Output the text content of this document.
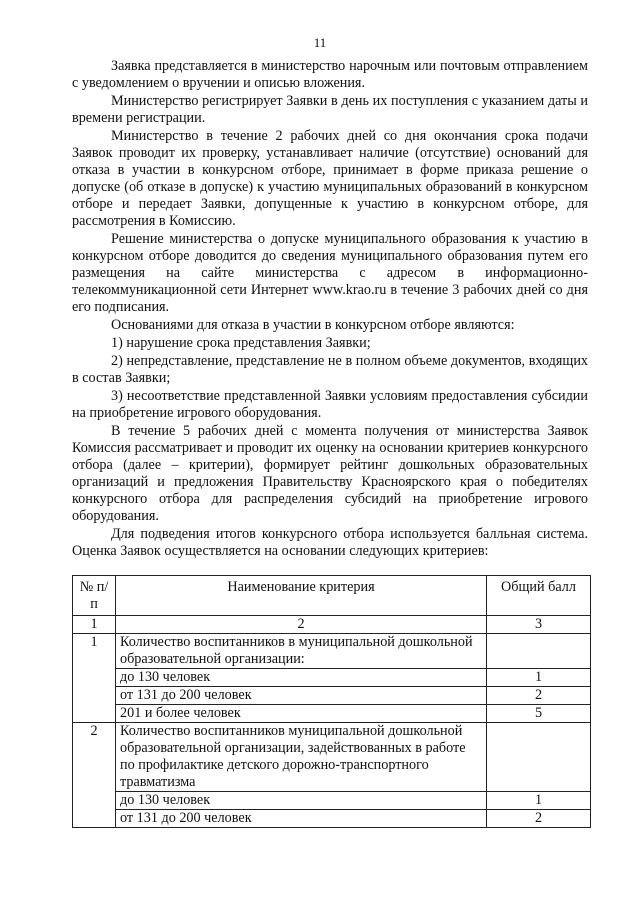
11

Заявка представляется в министерство нарочным или почтовым отправлением с уведомлением о вручении и описью вложения.

Министерство регистрирует Заявки в день их поступления с указанием даты и времени регистрации.

Министерство в течение 2 рабочих дней со дня окончания срока подачи Заявок проводит их проверку, устанавливает наличие (отсутствие) оснований для отказа в участии в конкурсном отборе, принимает в форме приказа решение о допуске (об отказе в допуске) к участию муниципальных образований в конкурсном отборе и передает Заявки, допущенные к участию в конкурсном отборе, для рассмотрения в Комиссию.

Решение министерства о допуске муниципального образования к участию в конкурсном отборе доводится до сведения муниципального образования путем его размещения на сайте министерства с адресом в информационно-телекоммуникационной сети Интернет www.krao.ru в течение 3 рабочих дней со дня его подписания.

Основаниями для отказа в участии в конкурсном отборе являются:

1) нарушение срока представления Заявки;

2) непредставление, представление не в полном объеме документов, входящих в состав Заявки;

3) несоответствие представленной Заявки условиям предоставления субсидии на приобретение игрового оборудования.

В течение 5 рабочих дней с момента получения от министерства Заявок Комиссия рассматривает и проводит их оценку на основании критериев конкурсного отбора (далее – критерии), формирует рейтинг дошкольных образовательных организаций и предложения Правительству Красноярского края о победителях конкурсного отбора для распределения субсидий на приобретение игрового оборудования.

Для подведения итогов конкурсного отбора используется балльная система. Оценка Заявок осуществляется на основании следующих критериев:

№ п/п	Наименование критерия	Общий балл
1	2	3
1	Количество воспитанников в муниципальной дошкольной образовательной организации:	
	до 130 человек	1
	от 131 до 200 человек	2
	201 и более человек	5
2	Количество воспитанников муниципальной дошкольной образовательной организации, задействованных в работе по профилактике детского дорожно-транспортного травматизма	
	до 130 человек	1
	от 131 до 200 человек	2
